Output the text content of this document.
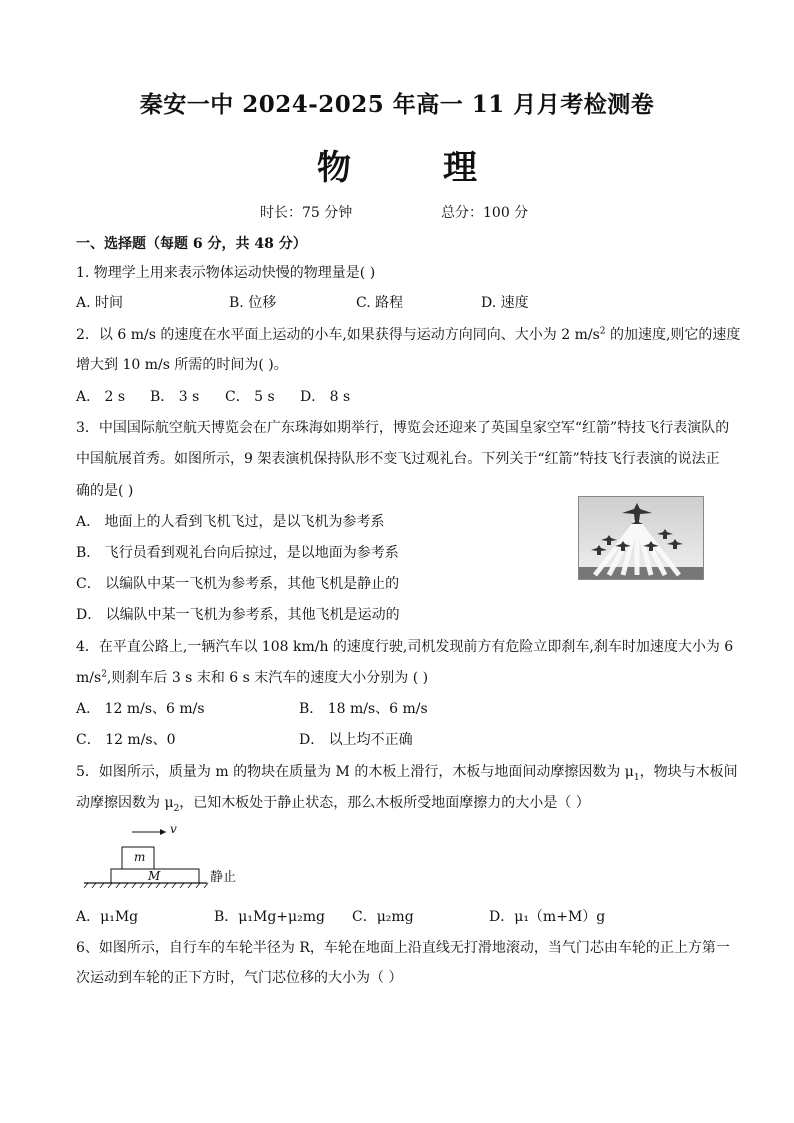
秦安一中 2024-2025 年高一 11 月月考检测卷
物	理
时长：75 分钟	总分：100 分
一、选择题（每题 6 分，共 48 分）
1. 物理学上用来表示物体运动快慢的物理量是( )
A. 时间	B. 位移	C. 路程	D. 速度
2．以 6 m/s 的速度在水平面上运动的小车,如果获得与运动方向同向、大小为 2 $m/s^2$ 的加速度,则它的速度
增大到 10 m/s 所需的时间为( )。
A． 2 s B． 3 s C． 5 s D． 8 s
3．中国国际航空航天博览会在广东珠海如期举行，博览会还迎来了英国皇家空军“红箭”特技飞行表演队的
中国航展首秀。如图所示，9 架表演机保持队形不变飞过观礼台。下列关于“红箭”特技飞行表演的说法正
确的是( )
A． 地面上的人看到飞机飞过，是以飞机为参考系
B． 飞行员看到观礼台向后掠过，是以地面为参考系
C． 以编队中某一飞机为参考系，其他飞机是静止的
D． 以编队中某一飞机为参考系，其他飞机是运动的
4．在平直公路上,一辆汽车以 108 km/h 的速度行驶,司机发现前方有危险立即刹车,刹车时加速度大小为 6
$m/s^2$,则刹车后 3 s 末和 6 s 末汽车的速度大小分别为 ( )
A． 12 m/s、6 m/s	B． 18 m/s、6 m/s
C． 12 m/s、0	D． 以上均不正确
5．如图所示，质量为 m 的物块在质量为 M 的木板上滑行，木板与地面间动摩擦因数为 $\mu_1$，物块与木板间
动摩擦因数为 $\mu_2$，已知木板处于静止状态，那么木板所受地面摩擦力的大小是（ ）
v
m
M	静止
A．μ₁Mg	B．μ₁Mg+μ₂mg C．μ₂mg	D．μ₁（m+M）g
6、如图所示，自行车的车轮半径为 R，车轮在地面上沿直线无打滑地滚动，当气门芯由车轮的正上方第一
次运动到车轮的正下方时，气门芯位移的大小为（ ）
